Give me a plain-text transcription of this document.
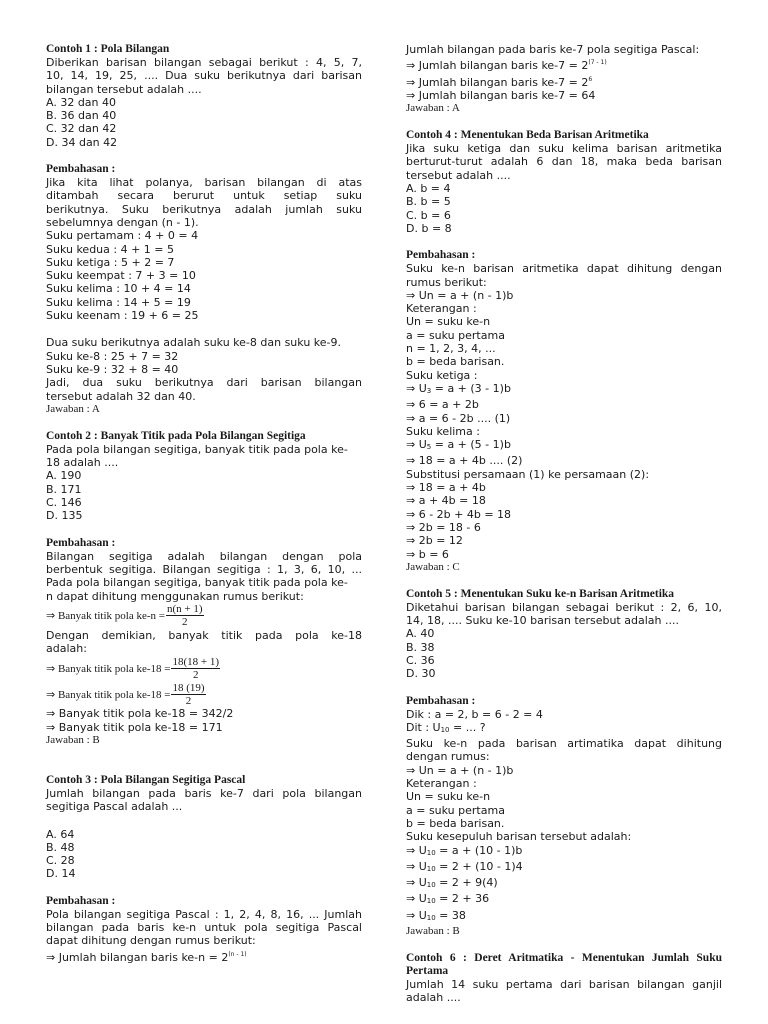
Contoh 1 : Pola Bilangan

Diberikan barisan bilangan sebagai berikut : 4, 5, 7,

10, 14, 19, 25, .... Dua suku berikutnya dari barisan

bilangan tersebut adalah ....

A. 32 dan 40

B. 36 dan 40

C. 32 dan 42

D. 34 dan 42

Pembahasan :

Jika kita lihat polanya, barisan bilangan di atas

ditambah secara berurut untuk setiap suku

berikutnya. Suku berikutnya adalah jumlah suku

sebelumnya dengan (n - 1).

Suku pertamam : 4 + 0 = 4

Suku kedua : 4 + 1 = 5

Suku ketiga : 5 + 2 = 7

Suku keempat : 7 + 3 = 10

Suku kelima : 10 + 4 = 14

Suku kelima : 14 + 5 = 19

Suku keenam : 19 + 6 = 25

Dua suku berikutnya adalah suku ke-8 dan suku ke-9.

Suku ke-8 : 25 + 7 = 32

Suku ke-9 : 32 + 8 = 40

Jadi, dua suku berikutnya dari barisan bilangan

tersebut adalah 32 dan 40.

Jawaban : A

Contoh 2 : Banyak Titik pada Pola Bilangan Segitiga

Pada pola bilangan segitiga, banyak titik pada pola ke-

18 adalah ....

A. 190

B. 171

C. 146

D. 135

Pembahasan :

Bilangan segitiga adalah bilangan dengan pola

berbentuk segitiga. Bilangan segitiga : 1, 3, 6, 10, ...

Pada pola bilangan segitiga, banyak titik pada pola ke-

n dapat dihitung menggunakan rumus berikut:

⇒ Banyak titik pola $ke-n = \frac{n(n + 1)}{2}$

Dengan demikian, banyak titik pada pola ke-18

adalah:

⇒ Banyak titik pola $ke-18 = \frac{18(18 + 1)}{2}$
⇒ Banyak titik pola $ke-18 = \frac{18 (19)}{2}$

⇒ Banyak titik pola ke-18 = 342/2

⇒ Banyak titik pola ke-18 = 171

Jawaban : B

Contoh 3 : Pola Bilangan Segitiga Pascal

Jumlah bilangan pada baris ke-7 dari pola bilangan

segitiga Pascal adalah ...

A. 64

B. 48

C. 28

D. 14

Pembahasan :

Pola bilangan segitiga Pascal : 1, 2, 4, 8, 16, ... Jumlah

bilangan pada baris ke-n untuk pola segitiga Pascal

dapat dihitung dengan rumus berikut:

⇒ Jumlah bilangan baris $ke-n = 2^{(n - 1)}$

Jumlah bilangan pada baris ke-7 pola segitiga Pascal:

⇒ Jumlah bilangan baris $ke-7 = 2^{(7 - 1)}$

⇒ Jumlah bilangan baris $ke-7 = 2^6$

⇒ Jumlah bilangan baris ke-7 = 64

Jawaban : A

Contoh 4 : Menentukan Beda Barisan Aritmetika

Jika suku ketiga dan suku kelima barisan aritmetika

berturut-turut adalah 6 dan 18, maka beda barisan

tersebut adalah ....

A. b = 4

B. b = 5

C. b = 6

D. b = 8

Pembahasan :

Suku ke-n barisan aritmetika dapat dihitung dengan

rumus berikut:

⇒ Un = a + (n - 1)b

Keterangan :

Un = suku ke-n

a = suku pertama

n = 1, 2, 3, 4, ...

b = beda barisan.

Suku ketiga :

⇒ $U_3 = a + (3 - 1)b$

⇒ 6 = a + 2b

⇒ a = 6 - 2b .... (1)

Suku kelima :

⇒ $U_5 = a + (5 - 1)b$

⇒ 18 = a + 4b .... (2)

Substitusi persamaan (1) ke persamaan (2):

⇒ 18 = a + 4b

⇒ a + 4b = 18

⇒ 6 - 2b + 4b = 18

⇒ 2b = 18 - 6

⇒ 2b = 12

⇒ b = 6

Jawaban : C

Contoh 5 : Menentukan Suku ke-n Barisan Aritmetika

Diketahui barisan bilangan sebagai berikut : 2, 6, 10,

14, 18, .... Suku ke-10 barisan tersebut adalah ....

A. 40

B. 38

C. 36

D. 30

Pembahasan :

Dik : a = 2, b = 6 - 2 = 4

Dit : $U_{10}$ = ... ?

Suku ke-n pada barisan artimatika dapat dihitung

dengan rumus:

⇒ Un = a + (n - 1)b

Keterangan :

Un = suku ke-n

a = suku pertama

b = beda barisan.

Suku kesepuluh barisan tersebut adalah:

⇒ $U_{10} = a + (10 - 1)b$

⇒ $U_{10} = 2 + (10 - 1)4$

⇒ $U_{10} = 2 + 9(4)$

⇒ $U_{10} = 2 + 36$

⇒ $U_{10} = 38$

Jawaban : B

Contoh 6 : Deret Aritmatika - Menentukan Jumlah Suku

Pertama

Jumlah 14 suku pertama dari barisan bilangan ganjil

adalah ....
